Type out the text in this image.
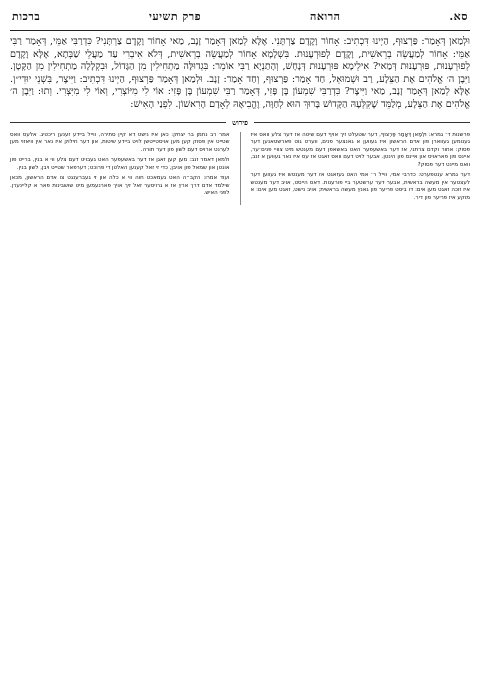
סא.
הרואה
פרק תשיעי
ברכות

וּלְמַאן דְּאָמַר: פַּרְצוּף, הַיְינוּ דִּכְתִיב: אָחוֹר וָקֶדֶם צַרְתָּנִי. אֶלָּא לְמַאן דְּאָמַר זָנָב, מַאי אָחוֹר וָקֶדֶם צַרְתָּנִי? כִּדְרַבִּי אַמֵּי, דְּאָמַר רַבִּי אַמֵּי: אָחוֹר לְמַעֲשֵׂה בְרֵאשִׁית, וָקֶדֶם לְפוּרְעָנוּת. בִּשְׁלָמָא אָחוֹר לְמַעֲשֵׂה בְרֵאשִׁית, דְּלֹא אִיבְרִי עַד מַעֲלֵי שַׁבְּתָא, אֶלָּא וָקֶדֶם לְפוּרְעָנוּת, פּוּרְעָנוּת דְּמַאי? אִילֵימָא פּוּרְעָנוּת דְּנָחָשׁ, וְהָתַנְיָא רַבִּי אוֹמֵר: בִּגְדוּלָּה מַתְחִילִין מִן הַגָּדוֹל, וּבִקְלָלָה מַתְחִילִין מִן הַקָּטָן. וַיִּבֶן ה׳ אֱלֹהִים אֶת הַצֵּלָע, רַב וּשְׁמוּאֵל, חַד אָמַר: פַּרְצוּף, וְחַד אָמַר: זָנָב. וּלְמַאן דְּאָמַר פַּרְצוּף, הַיְינוּ דִּכְתִיב: וַיִּיצֶר, בִּשְׁנֵי יוּדִי״ן. אֶלָּא לְמַאן דְּאָמַר זָנָב, מַאי וַיִּיצֶר? כִּדְרַבִּי שִׁמְעוֹן בֶּן פָּזִי, דְּאָמַר רַבִּי שִׁמְעוֹן בֶּן פָּזִי: אוֹי לִי מִיּוֹצְרִי, וְאוֹי לִי מִיִּצְרִי. וְתוּ: וַיִּבֶן ה׳ אֱלֹהִים אֶת הַצֵּלָע, מְלַמֵּד שֶׁקִּלְּעָהּ הַקָּדוֹשׁ בָּרוּךְ הוּא לְחַוָּה, וֶהֱבִיאָהּ לְאָדָם הָרִאשׁוֹן. לִפְנַי הָאִישׁ:

פירוש

פרשנות ד׳ גמרא: וּלְמַאן דְּאָמַר פַּרְצוּף, דער שטעלט זיך אויף דעם שיטה אז דער צלע וואס איז גענומען געווארן פון אדם הראשון איז געווען א גאנצער פנים, ווערט גוט פארשטאנען דער פסוק: אחור וקדם צרתני, אז דער באשעפער האט באשאפן דעם מענטש מיט צוויי פנים׳ער, איינס פון פאראויס און איינס פון הינטן. אבער לויט דעם וואס זאגט אז עס איז נאר געווען א זנב, וואס מיינט דער פסוק?

דער גמרא ענטפערט: כדרבי אמי, ווייל ר׳ אמי האט געזאגט אז דער מענטש איז געווען דער לעצטער אין מעשה בראשית, אבער דער ערשטער ביי פורענות. דאס הייסט, אויב דער מענטש איז זוכה זאגט מען אים: דו ביסט פריער פון גאנץ מעשה בראשית; אויב נישט, זאגט מען אים: א מוקע איז פריער פון דיר.

אמר רב נחמן בר יצחק: כאן איז נישט דא קיין סתירה, ווייל ביידע זענען ריכטיג. אלעס וואס שטייט אין פסוק קען מען אויסטייטשן לויט ביידע שיטות, און דער חילוק איז נאר אין וויאזוי מען לערנט ארויס דעם לשון פון דער תורה.

ולמאן דאמר זנב: מען קען זאגן אז דער באשעפער האט געבויט דעם צלע ווי א בנין, ברייט פון אונטן און שמאל פון אויבן, כדי זי זאל קענען האלטן די פרוכט; דערפאר שטייט ויבן, לשון בנין.

ועוד אמרו: הקב״ה האט געמאכט חוה ווי א כלה און זי געברענגט צו אדם הראשון, מכאן שילמד אדם דרך ארץ אז א גרויסער זאל זיך אויך פארנעמען מיט שושבינות פאר א קליינערן. לפני האיש.
